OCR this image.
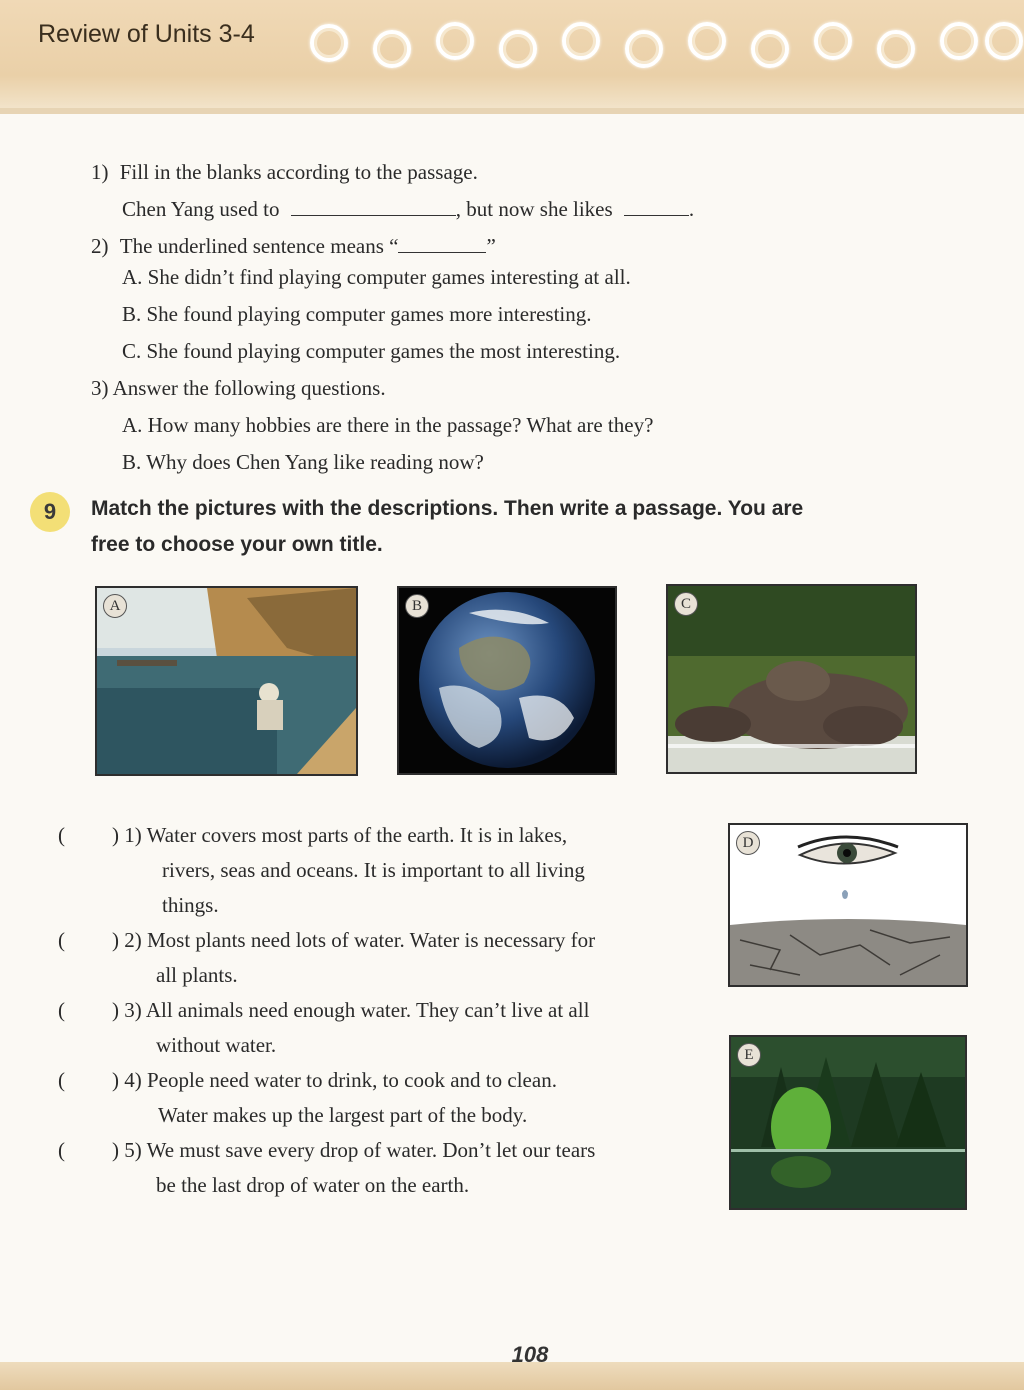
Review of Units 3-4
1) Fill in the blanks according to the passage.
Chen Yang used to	, but now she likes	.
2) The underlined sentence means “	”
A. She didn’t find playing computer games interesting at all.
B. She found playing computer games more interesting.
C. She found playing computer games the most interesting.
3) Answer the following questions.
A. How many hobbies are there in the passage? What are they?
B. Why does Chen Yang like reading now?
9	Match the pictures with the descriptions. Then write a passage. You are
free to choose your own title.
A	B	C
( ) 1) Water covers most parts of the earth. It is in lakes,
rivers, seas and oceans. It is important to all living
things.
( ) 2) Most plants need lots of water. Water is necessary for
all plants.
( ) 3) All animals need enough water. They can’t live at all
without water.
( ) 4) People need water to drink, to cook and to clean.
Water makes up the largest part of the body.
( ) 5) We must save every drop of water. Don’t let our tears
be the last drop of water on the earth.
D
E
108
